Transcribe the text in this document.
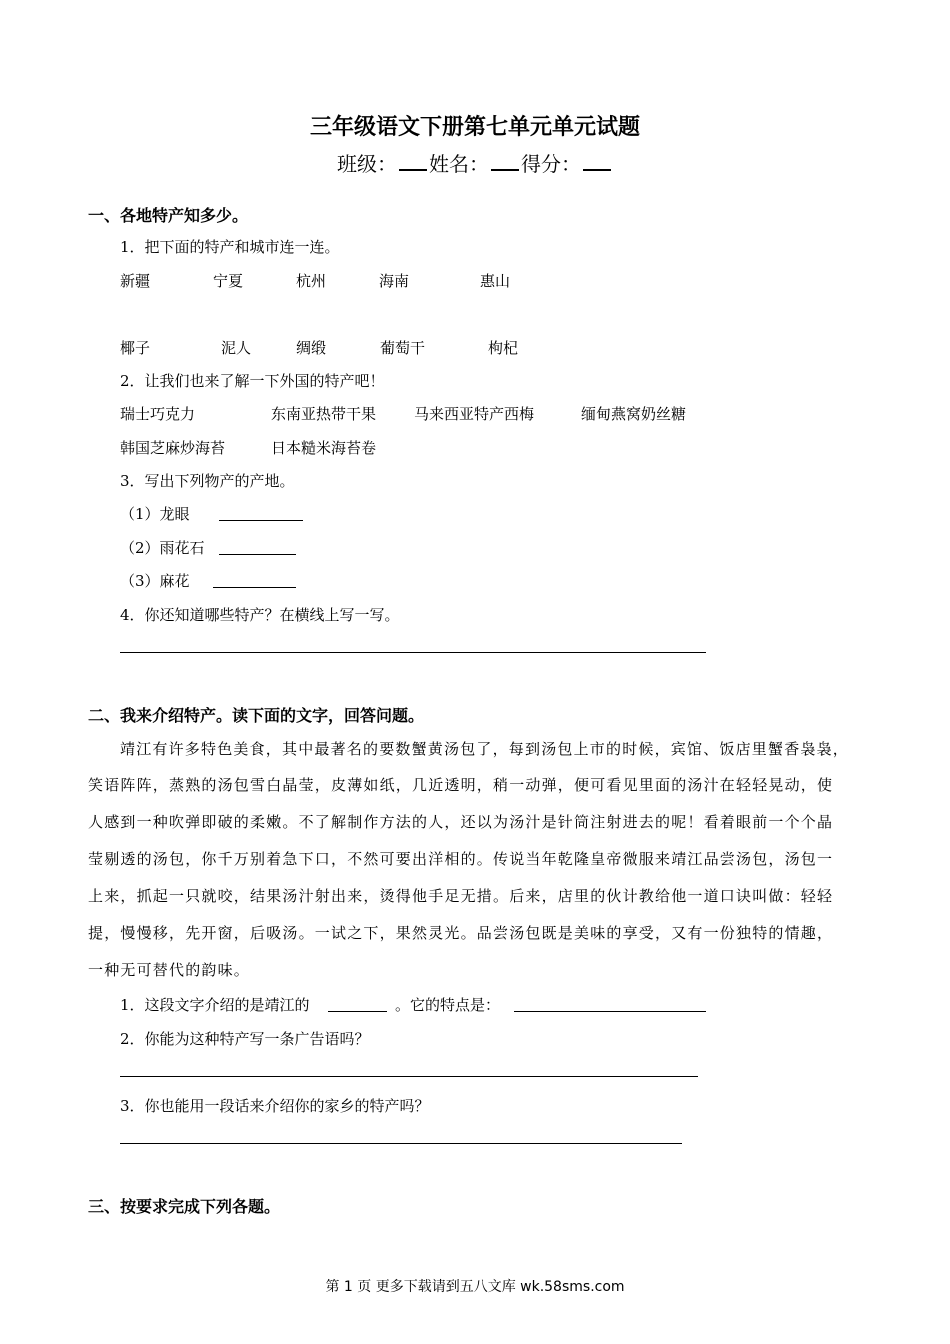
三年级语文下册第七单元单元试题
班级： 姓名： 得分：
一、各地特产知多少。
1．把下面的特产和城市连一连。
新疆	宁夏	杭州	海南	惠山
椰子	泥人	绸缎	葡萄干	枸杞
2．让我们也来了解一下外国的特产吧！
瑞士巧克力	东南亚热带干果	马来西亚特产西梅	缅甸燕窝奶丝糖
韩国芝麻炒海苔	日本糙米海苔卷
3．写出下列物产的产地。
（1）龙眼
（2）雨花石
（3）麻花
4．你还知道哪些特产？在横线上写一写。
二、我来介绍特产。读下面的文字，回答问题。
靖江有许多特色美食，其中最著名的要数蟹黄汤包了，每到汤包上市的时候，宾馆、饭店里蟹香袅袅，
笑语阵阵，蒸熟的汤包雪白晶莹，皮薄如纸，几近透明，稍一动弹，便可看见里面的汤汁在轻轻晃动，使
人感到一种吹弹即破的柔嫩。不了解制作方法的人，还以为汤汁是针筒注射进去的呢！看着眼前一个个晶
莹剔透的汤包，你千万别着急下口，不然可要出洋相的。传说当年乾隆皇帝微服来靖江品尝汤包，汤包一
上来，抓起一只就咬，结果汤汁射出来，烫得他手足无措。后来，店里的伙计教给他一道口诀叫做：轻轻
提，慢慢移，先开窗，后吸汤。一试之下，果然灵光。品尝汤包既是美味的享受，又有一份独特的情趣，
一种无可替代的韵味。
1．这段文字介绍的是靖江的	。它的特点是：
2．你能为这种特产写一条广告语吗？
3．你也能用一段话来介绍你的家乡的特产吗？
三、按要求完成下列各题。
第 1 页 更多下载请到五八文库 wk.58sms.com
